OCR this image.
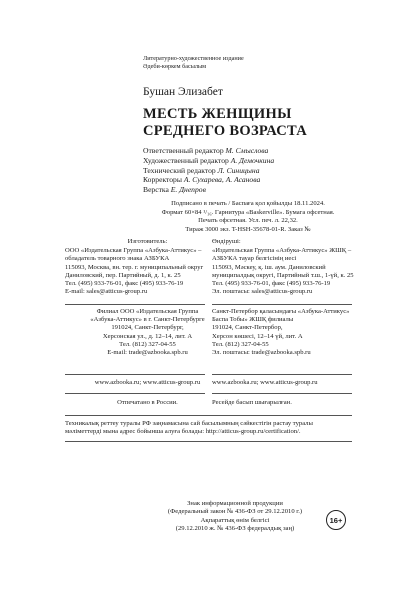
Литературно-художественное издание
Әдеби-көркем басылым
Бушан Элизабет
МЕСТЬ ЖЕНЩИНЫ
СРЕДНЕГО ВОЗРАСТА
Ответственный редактор М. Смыслова
Художественный редактор А. Демочкина
Технический редактор Л. Синицына
Корректоры А. Сухарева, А. Асанова
Верстка Е. Днепров
Подписано в печать / Баспаға қол қойылды 18.11.2024.
Формат 60×84 ¹/₁₆. Гарнитура «Baskerville». Бумага офсетная.
Печать офсетная. Усл. печ. л. 22,32.
Тираж 3000 экз. T-HSH-35678-01-R. Заказ №
Изготовитель:
ООО «Издательская Группа «Азбука-Аттикус» –
обладатель товарного знака АЗБУКА
115093, Москва, вн. тер. г. муниципальный округ
Даниловский, пер. Партийный, д. 1, к. 25
Тел. (495) 933-76-01, факс (495) 933-76-19
E-mail: sales@atticus-group.ru
Өндіруші:
«Издательская Группа «Азбука-Аттикус» ЖШҚ –
АЗБУКА тауар белгісінің иесі
115093, Мәскеу, қ. іш. аум. Даниловский
муниципалдық округі, Партийный т.ш., 1-үй, к. 25
Тел. (495) 933-76-01, факс (495) 933-76-19
Эл. поштасы: sales@atticus-group.ru
Филиал ООО «Издательская Группа
«Азбука-Аттикус» в г. Санкт-Петербурге
191024, Санкт-Петербург,
Херсонская ул., д. 12–14, лит. А
Тел. (812) 327-04-55
E-mail: trade@azbooka.spb.ru
Санкт-Петербор қаласындағы «Азбука-Аттикус»
Баспа Тобы» ЖШҚ филиалы
191024, Санкт-Петербор,
Херсон көшесі, 12–14 үй, лит. А
Тел. (812) 327-04-55
Эл. поштасы: trade@azbooka.spb.ru
www.azbooka.ru; www.atticus-group.ru	www.azbooka.ru; www.atticus-group.ru
Отпечатано в России.	Ресейде басып шығарылған.
Техникалық реттеу туралы РФ заңнамасына сай басылымның сәйкестігін растау туралы
мәліметтерді мына адрес бойынша алуға болады: http://atticus-group.ru/certification/.
Знак информационной продукции
(Федеральный закон № 436-ФЗ от 29.12.2010 г.)
Ақпараттық өнім белгісі
(29.12.2010 ж. № 436-ФЗ федералдық заң)
16+
